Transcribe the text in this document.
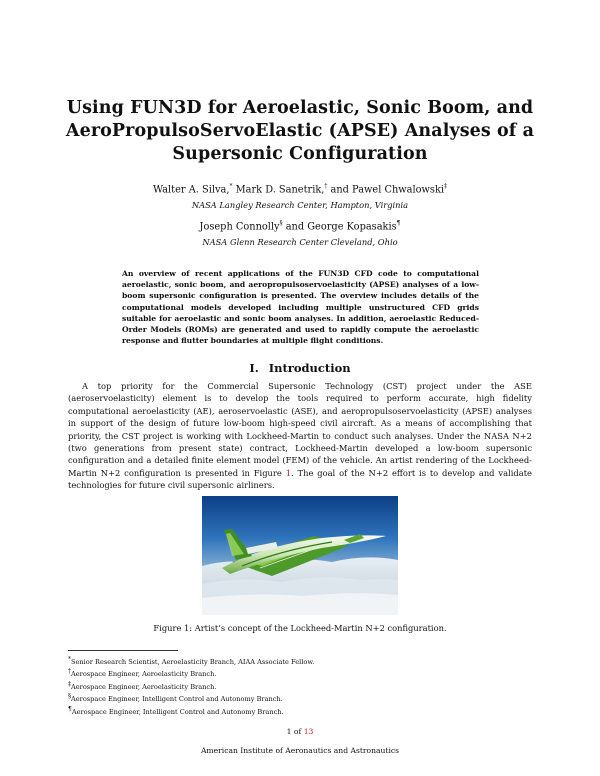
Using FUN3D for Aeroelastic, Sonic Boom, and
AeroPropulsoServoElastic (APSE) Analyses of a
Supersonic Configuration
Walter A. Silva,* Mark D. Sanetrik,† and Pawel Chwalowski‡
NASA Langley Research Center, Hampton, Virginia
Joseph Connolly§ and George Kopasakis¶
NASA Glenn Research Center Cleveland, Ohio
An overview of recent applications of the FUN3D CFD code to computational aeroelastic, sonic boom, and aeropropulsoservoelasticity (APSE) analyses of a low-boom supersonic configuration is presented. The overview includes details of the computational models developed including multiple unstructured CFD grids suitable for aeroelastic and sonic boom analyses. In addition, aeroelastic Reduced-Order Models (ROMs) are generated and used to rapidly compute the aeroelastic response and flutter boundaries at multiple flight conditions.
I. Introduction
A top priority for the Commercial Supersonic Technology (CST) project under the ASE (aeroservoelasticity) element is to develop the tools required to perform accurate, high fidelity computational aeroelasticity (AE), aeroservoelastic (ASE), and aeropropulsoservoelasticity (APSE) analyses in support of the design of future low-boom high-speed civil aircraft. As a means of accomplishing that priority, the CST project is working with Lockheed-Martin to conduct such analyses. Under the NASA N+2 (two generations from present state) contract, Lockheed-Martin developed a low-boom supersonic configuration and a detailed finite element model (FEM) of the vehicle. An artist rendering of the Lockheed-Martin N+2 configuration is presented in Figure 1. The goal of the N+2 effort is to develop and validate technologies for future civil supersonic airliners.
Figure 1: Artist’s concept of the Lockheed-Martin N+2 configuration.
*Senior Research Scientist, Aeroelasticity Branch, AIAA Associate Fellow.
†Aerospace Engineer, Aeroelasticity Branch.
‡Aerospace Engineer, Aeroelasticity Branch.
§Aerospace Engineer, Intelligent Control and Autonomy Branch.
¶Aerospace Engineer, Intelligent Control and Autonomy Branch.
1 of 13
American Institute of Aeronautics and Astronautics
